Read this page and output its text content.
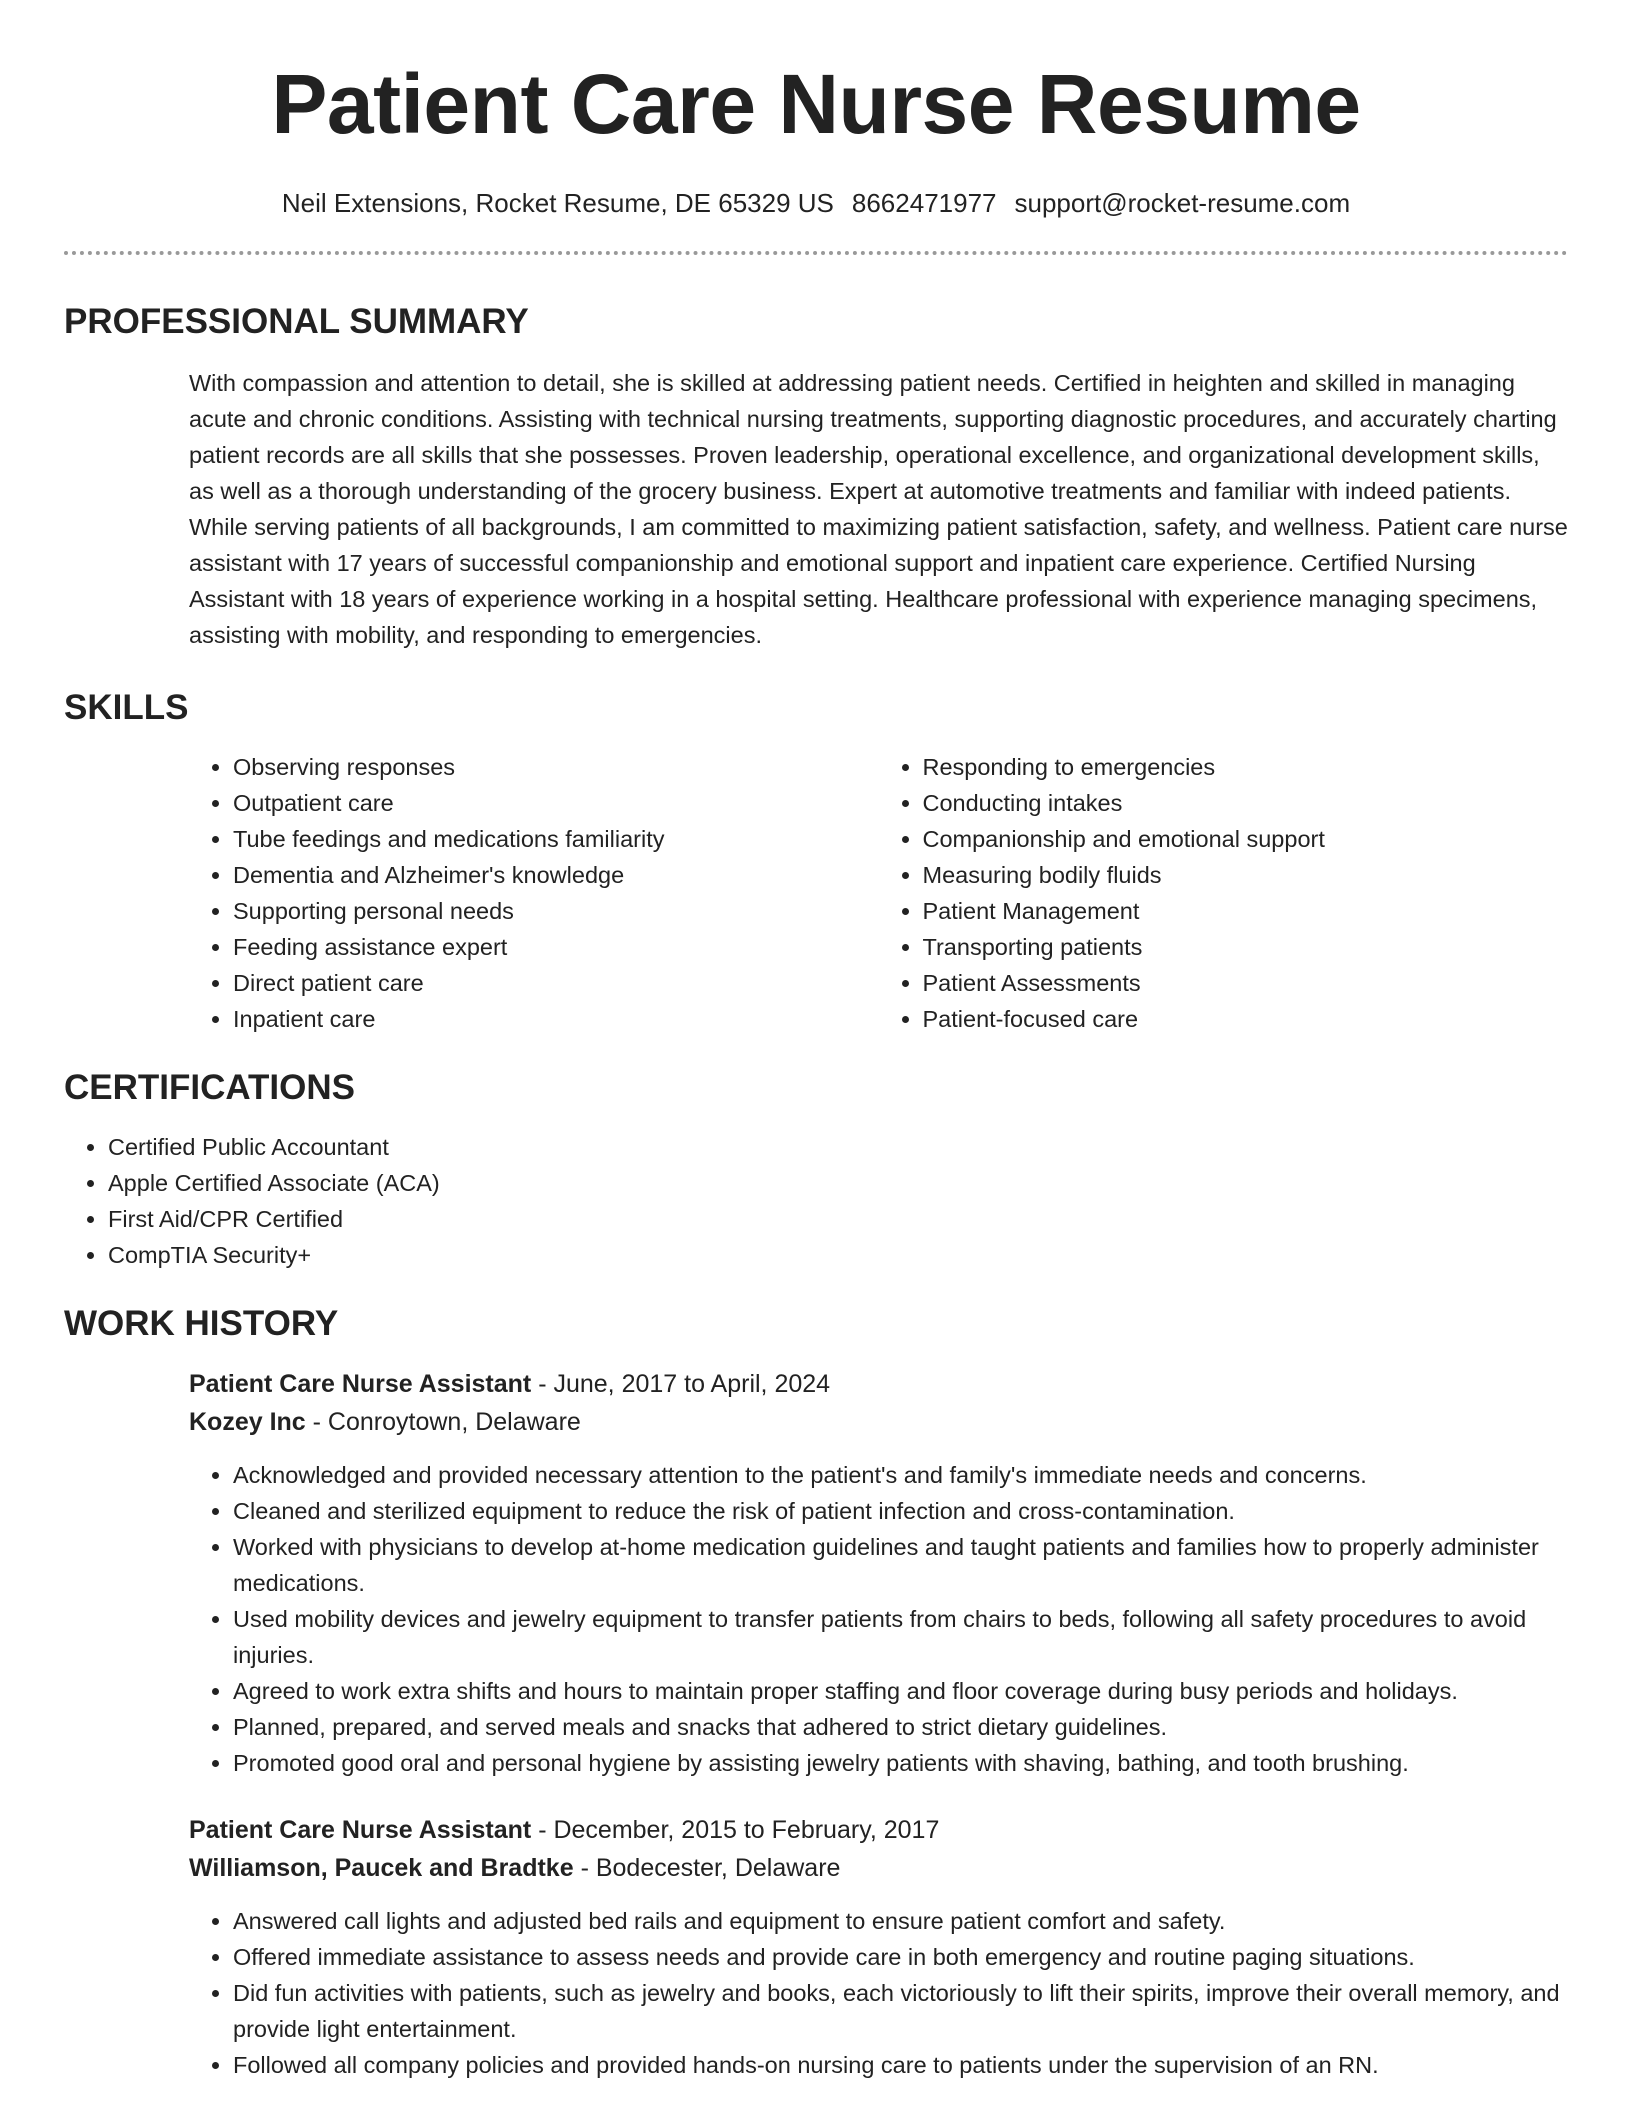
Patient Care Nurse Resume
Neil Extensions, Rocket Resume, DE 65329 US 8662471977 support@rocket-resume.com
PROFESSIONAL SUMMARY

With compassion and attention to detail, she is skilled at addressing patient needs. Certified in heighten and skilled in managing acute and chronic conditions. Assisting with technical nursing treatments, supporting diagnostic procedures, and accurately charting patient records are all skills that she possesses. Proven leadership, operational excellence, and organizational development skills, as well as a thorough understanding of the grocery business. Expert at automotive treatments and familiar with indeed patients. While serving patients of all backgrounds, I am committed to maximizing patient satisfaction, safety, and wellness. Patient care nurse assistant with 17 years of successful companionship and emotional support and inpatient care experience. Certified Nursing Assistant with 18 years of experience working in a hospital setting. Healthcare professional with experience managing specimens, assisting with mobility, and responding to emergencies.

SKILLS
• Observing responses
• Outpatient care
• Tube feedings and medications familiarity
• Dementia and Alzheimer's knowledge
• Supporting personal needs
• Feeding assistance expert
• Direct patient care
• Inpatient care
• Responding to emergencies
• Conducting intakes
• Companionship and emotional support
• Measuring bodily fluids
• Patient Management
• Transporting patients
• Patient Assessments
• Patient-focused care
CERTIFICATIONS
• Certified Public Accountant
• Apple Certified Associate (ACA)
• First Aid/CPR Certified
• CompTIA Security+
WORK HISTORY
Patient Care Nurse Assistant - June, 2017 to April, 2024
Kozey Inc - Conroytown, Delaware
• Acknowledged and provided necessary attention to the patient's and family's immediate needs and concerns.
• Cleaned and sterilized equipment to reduce the risk of patient infection and cross-contamination.
• Worked with physicians to develop at-home medication guidelines and taught patients and families how to properly administer medications.
• Used mobility devices and jewelry equipment to transfer patients from chairs to beds, following all safety procedures to avoid injuries.
• Agreed to work extra shifts and hours to maintain proper staffing and floor coverage during busy periods and holidays.
• Planned, prepared, and served meals and snacks that adhered to strict dietary guidelines.
• Promoted good oral and personal hygiene by assisting jewelry patients with shaving, bathing, and tooth brushing.
Patient Care Nurse Assistant - December, 2015 to February, 2017
Williamson, Paucek and Bradtke - Bodecester, Delaware
• Answered call lights and adjusted bed rails and equipment to ensure patient comfort and safety.
• Offered immediate assistance to assess needs and provide care in both emergency and routine paging situations.
• Did fun activities with patients, such as jewelry and books, each victoriously to lift their spirits, improve their overall memory, and provide light entertainment.
• Followed all company policies and provided hands-on nursing care to patients under the supervision of an RN.
